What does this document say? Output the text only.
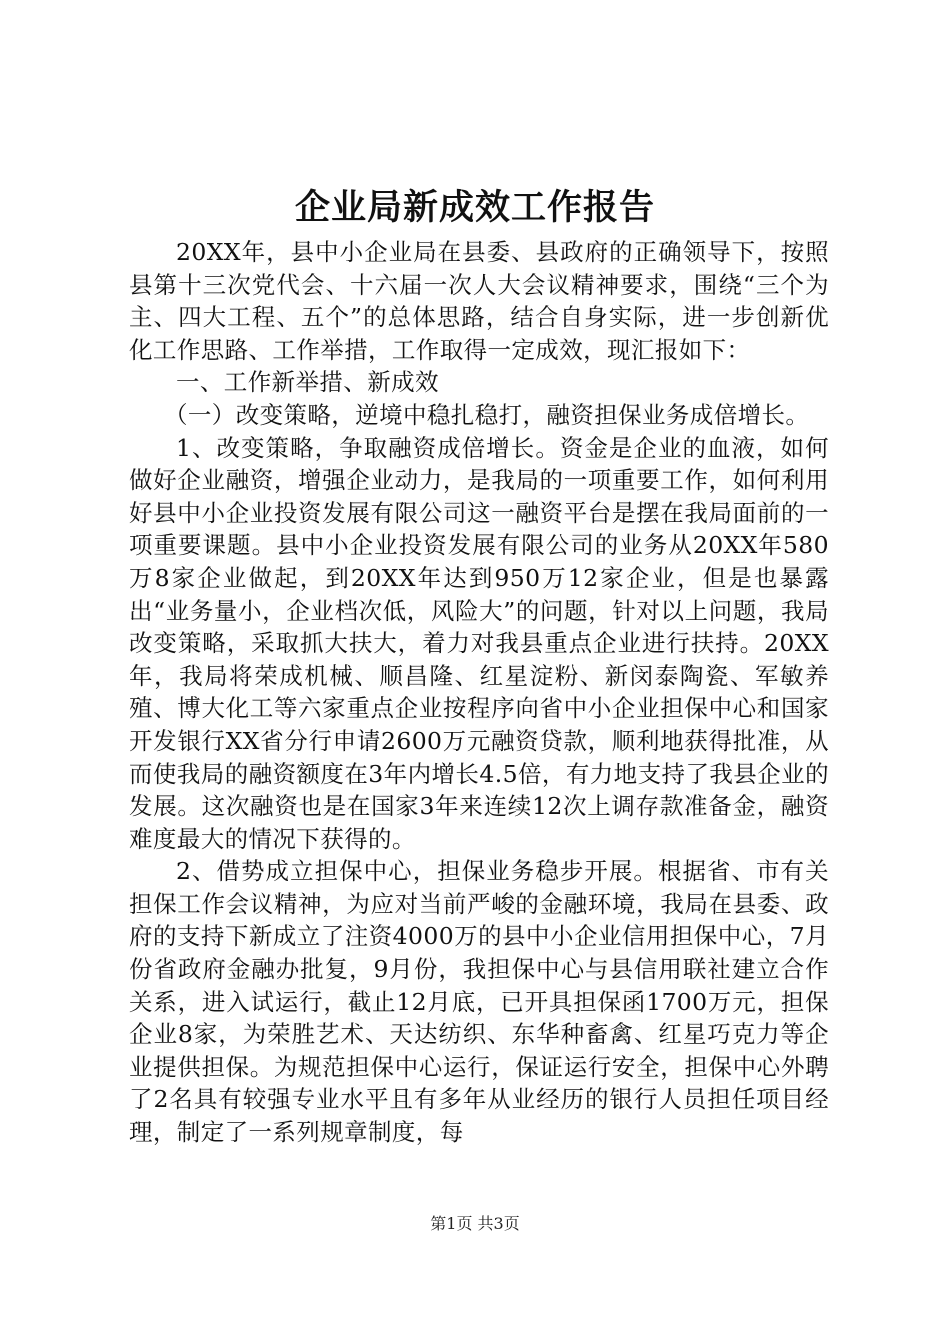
企业局新成效工作报告

20XX年，县中小企业局在县委、县政府的正确领导下，按照县第十三次党代会、十六届一次人大会议精神要求，围绕“三个为主、四大工程、五个”的总体思路，结合自身实际，进一步创新优化工作思路、工作举措，工作取得一定成效，现汇报如下：

一、工作新举措、新成效

（一）改变策略，逆境中稳扎稳打，融资担保业务成倍增长。

1、改变策略，争取融资成倍增长。资金是企业的血液，如何做好企业融资，增强企业动力，是我局的一项重要工作，如何利用好县中小企业投资发展有限公司这一融资平台是摆在我局面前的一项重要课题。县中小企业投资发展有限公司的业务从20XX年580万8家企业做起，到20XX年达到950万12家企业，但是也暴露出“业务量小，企业档次低，风险大”的问题，针对以上问题，我局改变策略，采取抓大扶大，着力对我县重点企业进行扶持。20XX年，我局将荣成机械、顺昌隆、红星淀粉、新闵泰陶瓷、军敏养殖、博大化工等六家重点企业按程序向省中小企业担保中心和国家开发银行XX省分行申请2600万元融资贷款，顺利地获得批准，从而使我局的融资额度在3年内增长4.5倍，有力地支持了我县企业的发展。这次融资也是在国家3年来连续12次上调存款准备金，融资难度最大的情况下获得的。

2、借势成立担保中心，担保业务稳步开展。根据省、市有关担保工作会议精神，为应对当前严峻的金融环境，我局在县委、政府的支持下新成立了注资4000万的县中小企业信用担保中心，7月份省政府金融办批复，9月份，我担保中心与县信用联社建立合作关系，进入试运行，截止12月底，已开具担保函1700万元，担保企业8家，为荣胜艺术、天达纺织、东华种畜禽、红星巧克力等企业提供担保。为规范担保中心运行，保证运行安全，担保中心外聘了2名具有较强专业水平且有多年从业经历的银行人员担任项目经理，制定了一系列规章制度，每

第1页 共3页
